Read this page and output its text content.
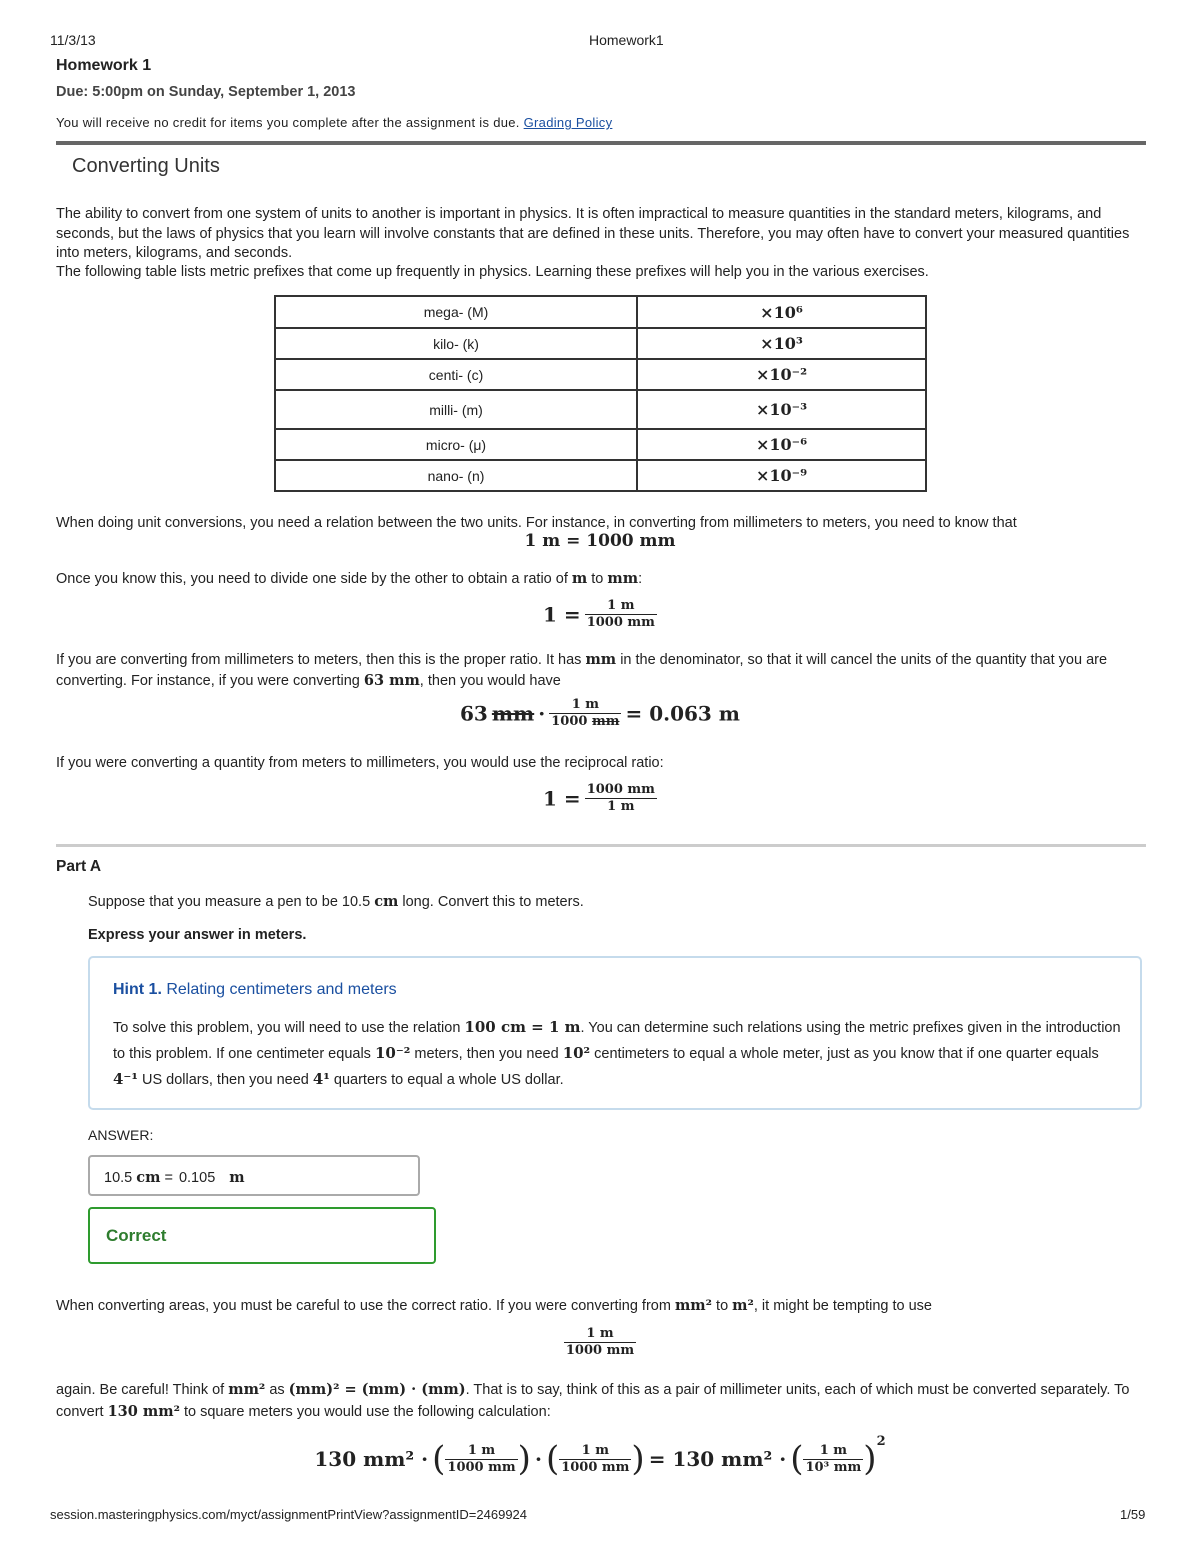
11/3/13	Homework1
Homework 1
Due: 5:00pm on Sunday, September 1, 2013
You will receive no credit for items you complete after the assignment is due. Grading Policy
Converting Units
The ability to convert from one system of units to another is important in physics. It is often impractical to measure quantities in the standard meters, kilograms, and seconds, but the laws of physics that you learn will involve constants that are defined in these units. Therefore, you may often have to convert your measured quantities into meters, kilograms, and seconds.
The following table lists metric prefixes that come up frequently in physics. Learning these prefixes will help you in the various exercises.
mega- (M)	×10⁶
kilo- (k)	×10³
centi- (c)	×10⁻²
milli- (m)	×10⁻³
micro- (μ)	×10⁻⁶
nano- (n)	×10⁻⁹
When doing unit conversions, you need a relation between the two units. For instance, in converting from millimeters to meters, you need to know that
1 m = 1000 mm
Once you know this, you need to divide one side by the other to obtain a ratio of m to mm:
$1 = \frac{1 m}{1000 mm}$
If you are converting from millimeters to meters, then this is the proper ratio. It has mm in the denominator, so that it will cancel the units of the quantity that you are converting. For instance, if you were converting 63 mm, then you would have
63 mm · $\frac{1 m}{1000 mm} = 0.063$ m
If you were converting a quantity from meters to millimeters, you would use the reciprocal ratio:
$1 = \frac{1000 mm}{1 m}$
Part A
Suppose that you measure a pen to be 10.5 cm long. Convert this to meters.
Express your answer in meters.
Hint 1. Relating centimeters and meters
To solve this problem, you will need to use the relation 100 cm = 1 m. You can determine such relations using the metric prefixes given in the introduction to this problem. If one centimeter equals 10⁻² meters, then you need 10² centimeters to equal a whole meter, just as you know that if one quarter equals 4⁻¹ US dollars, then you need 4¹ quarters to equal a whole US dollar.
ANSWER:
10.5 cm = 0.105 m
Correct
When converting areas, you must be careful to use the correct ratio. If you were converting from mm² to m², it might be tempting to use
$\frac{1 m}{1000 mm}$
again. Be careful! Think of mm² as (mm)² = (mm) · (mm). That is to say, think of this as a pair of millimeter units, each of which must be converted separately. To convert 130 mm² to square meters you would use the following calculation:
130 mm² · ( $\frac{1 m}{1000 mm}$ ) · ( $\frac{1 m}{1000 mm}$ ) = 130 mm² · ( $\frac{1 m}{\text{10³ mm}} )^2$
session.masteringphysics.com/myct/assignmentPrintView?assignmentID=2469924	1/59
